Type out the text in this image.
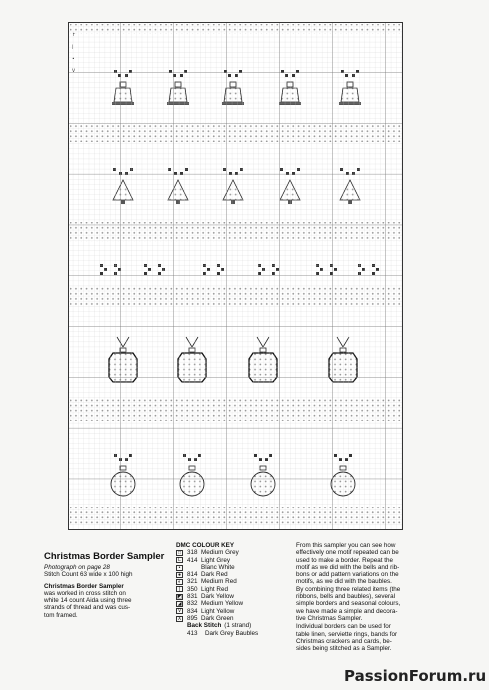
↑
|
•
V
Christmas Border Sampler
Photograph on page 28
Stitch Count 63 wide x 100 high
Christmas Border Sampler
was worked in cross stitch on
white 14 count Aida using three
strands of thread and was cus-
tom framed.
DMC COLOUR KEY
□ 318 Medium Grey
L 414 Light Grey
•	Blanc White
● 814 Dark Red
◐ 321 Medium Red
|	350 Light Red
◩ 831 Dark Yellow
◢ 832 Medium Yellow
V 834 Light Yellow
X 895 Dark Green
Back Stitch (1 strand)
413	Dark Grey Baubles
From this sampler you can see how
effectively one motif repeated can be
used to make a border. Repeat the
motif as we did with the bells and rib-
bons or add pattern variations on the
motifs, as we did with the baubles.
By combining three related items (the
ribbons, bells and baubles), several
simple borders and seasonal colours,
we have made a simple and decora-
tive Christmas Sampler.
Individual borders can be used for
table linen, serviette rings, bands for
Christmas crackers and cards, be-
sides being stitched as a Sampler.
PassionForum.ru
